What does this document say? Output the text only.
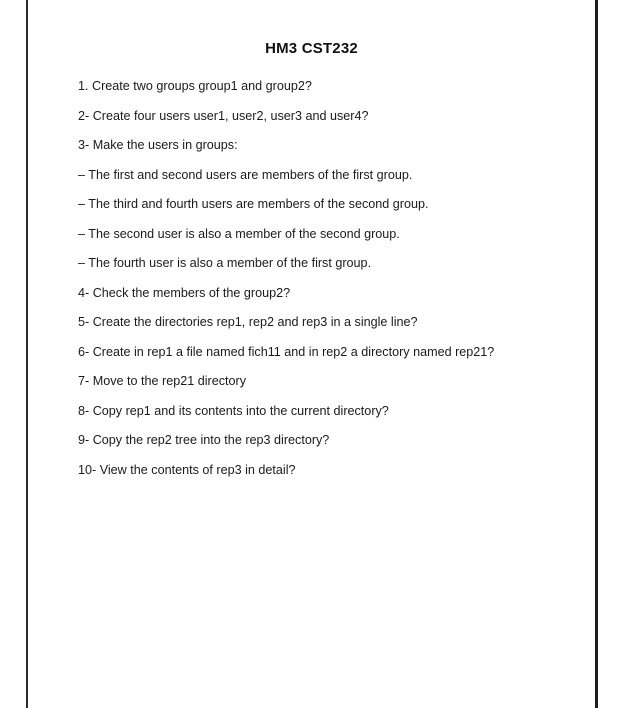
HM3 CST232
1. Create two groups group1 and group2?
2- Create four users user1, user2, user3 and user4?
3- Make the users in groups:
– The first and second users are members of the first group.
– The third and fourth users are members of the second group.
– The second user is also a member of the second group.
– The fourth user is also a member of the first group.
4- Check the members of the group2?
5- Create the directories rep1, rep2 and rep3 in a single line?
6- Create in rep1 a file named fich11 and in rep2 a directory named rep21?
7- Move to the rep21 directory
8- Copy rep1 and its contents into the current directory?
9- Copy the rep2 tree into the rep3 directory?
10- View the contents of rep3 in detail?
